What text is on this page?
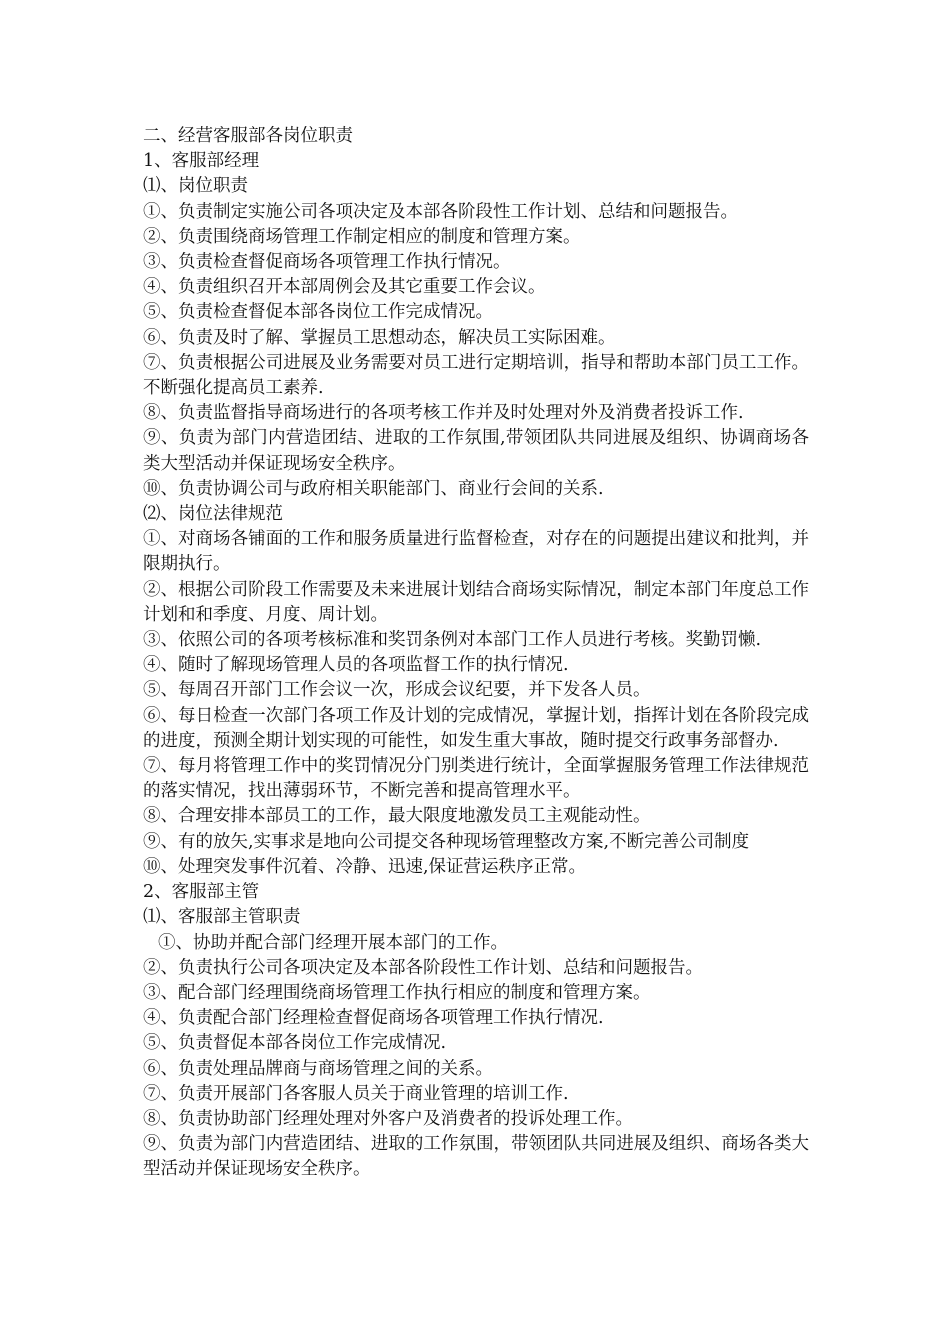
二、经营客服部各岗位职责

1、客服部经理

⑴、岗位职责

①、负责制定实施公司各项决定及本部各阶段性工作计划、总结和问题报告。

②、负责围绕商场管理工作制定相应的制度和管理方案。

③、负责检查督促商场各项管理工作执行情况。

④、负责组织召开本部周例会及其它重要工作会议。

⑤、负责检查督促本部各岗位工作完成情况。

⑥、负责及时了解、掌握员工思想动态，解决员工实际困难。

⑦、负责根据公司进展及业务需要对员工进行定期培训，指导和帮助本部门员工工作。不断强化提高员工素养.

⑧、负责监督指导商场进行的各项考核工作并及时处理对外及消费者投诉工作.

⑨、负责为部门内营造团结、进取的工作氛围,带领团队共同进展及组织、协调商场各类大型活动并保证现场安全秩序。

⑩、负责协调公司与政府相关职能部门、商业行会间的关系.

⑵、岗位法律规范

①、对商场各铺面的工作和服务质量进行监督检查，对存在的问题提出建议和批判，并限期执行。

②、根据公司阶段工作需要及未来进展计划结合商场实际情况，制定本部门年度总工作计划和和季度、月度、周计划。

③、依照公司的各项考核标准和奖罚条例对本部门工作人员进行考核。奖勤罚懒.

④、随时了解现场管理人员的各项监督工作的执行情况.

⑤、每周召开部门工作会议一次，形成会议纪要，并下发各人员。

⑥、每日检查一次部门各项工作及计划的完成情况，掌握计划，指挥计划在各阶段完成的进度，预测全期计划实现的可能性，如发生重大事故，随时提交行政事务部督办.

⑦、每月将管理工作中的奖罚情况分门别类进行统计，全面掌握服务管理工作法律规范的落实情况，找出薄弱环节，不断完善和提高管理水平。

⑧、合理安排本部员工的工作，最大限度地激发员工主观能动性。

⑨、有的放矢,实事求是地向公司提交各种现场管理整改方案,不断完善公司制度

⑩、处理突发事件沉着、冷静、迅速,保证营运秩序正常。

2、客服部主管

⑴、客服部主管职责

①、协助并配合部门经理开展本部门的工作。

②、负责执行公司各项决定及本部各阶段性工作计划、总结和问题报告。

③、配合部门经理围绕商场管理工作执行相应的制度和管理方案。

④、负责配合部门经理检查督促商场各项管理工作执行情况.

⑤、负责督促本部各岗位工作完成情况.

⑥、负责处理品牌商与商场管理之间的关系。

⑦、负责开展部门各客服人员关于商业管理的培训工作.

⑧、负责协助部门经理处理对外客户及消费者的投诉处理工作。

⑨、负责为部门内营造团结、进取的工作氛围，带领团队共同进展及组织、商场各类大型活动并保证现场安全秩序。
